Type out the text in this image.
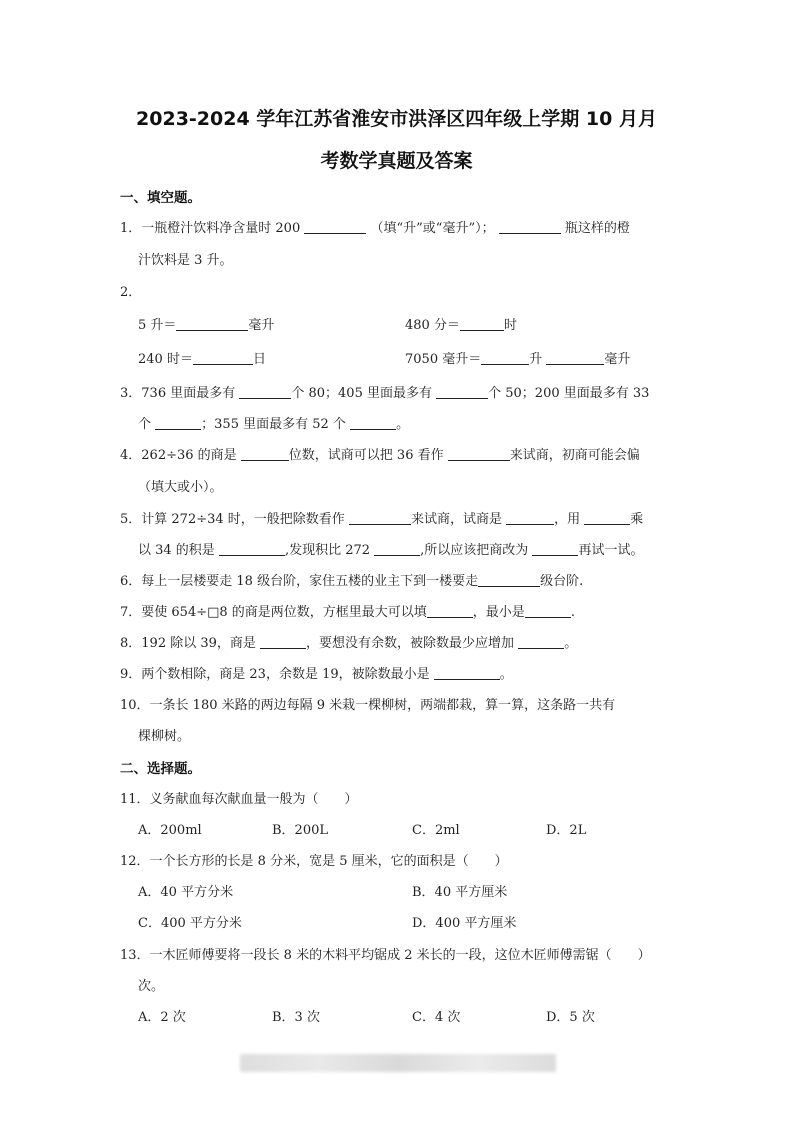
2023-2024 学年江苏省淮安市洪泽区四年级上学期 10 月月
考数学真题及答案
一、填空题。
1．一瓶橙汁饮料净含量时 200	（填“升”或“毫升”）；	瓶这样的橙
汁饮料是 3 升。
2．
5 升＝	毫升	480 分＝	时
240 时＝	日	7050 毫升＝	升	毫升
3．736 里面最多有	个 80；405 里面最多有	个 50；200 里面最多有 33
个	；355 里面最多有 52 个	。
4．262÷36 的商是	位数，试商可以把 36 看作	来试商，初商可能会偏
（填大或小）。
5．计算 272÷34 时，一般把除数看作	来试商，试商是	，用	乘
以 34 的积是	,发现积比 272	,所以应该把商改为	再试一试。
6．每上一层楼要走 18 级台阶，家住五楼的业主下到一楼要走	级台阶.
7．要使 654÷□8 的商是两位数，方框里最大可以填	，最小是	.
8．192 除以 39，商是	，要想没有余数，被除数最少应增加	。
9．两个数相除，商是 23，余数是 19，被除数最小是	。
10．一条长 180 米路的两边每隔 9 米栽一棵柳树，两端都栽，算一算，这条路一共有
棵柳树。
二、选择题。
11．义务献血每次献血量一般为（　　）
A．200ml	B．200L	C．2ml	D．2L
12．一个长方形的长是 8 分米，宽是 5 厘米，它的面积是（　　）
A．40 平方分米	B．40 平方厘米
C．400 平方分米	D．400 平方厘米
13．一木匠师傅要将一段长 8 米的木料平均锯成 2 米长的一段，这位木匠师傅需锯（　　）
次。
A．2 次	B．3 次	C．4 次	D．5 次
